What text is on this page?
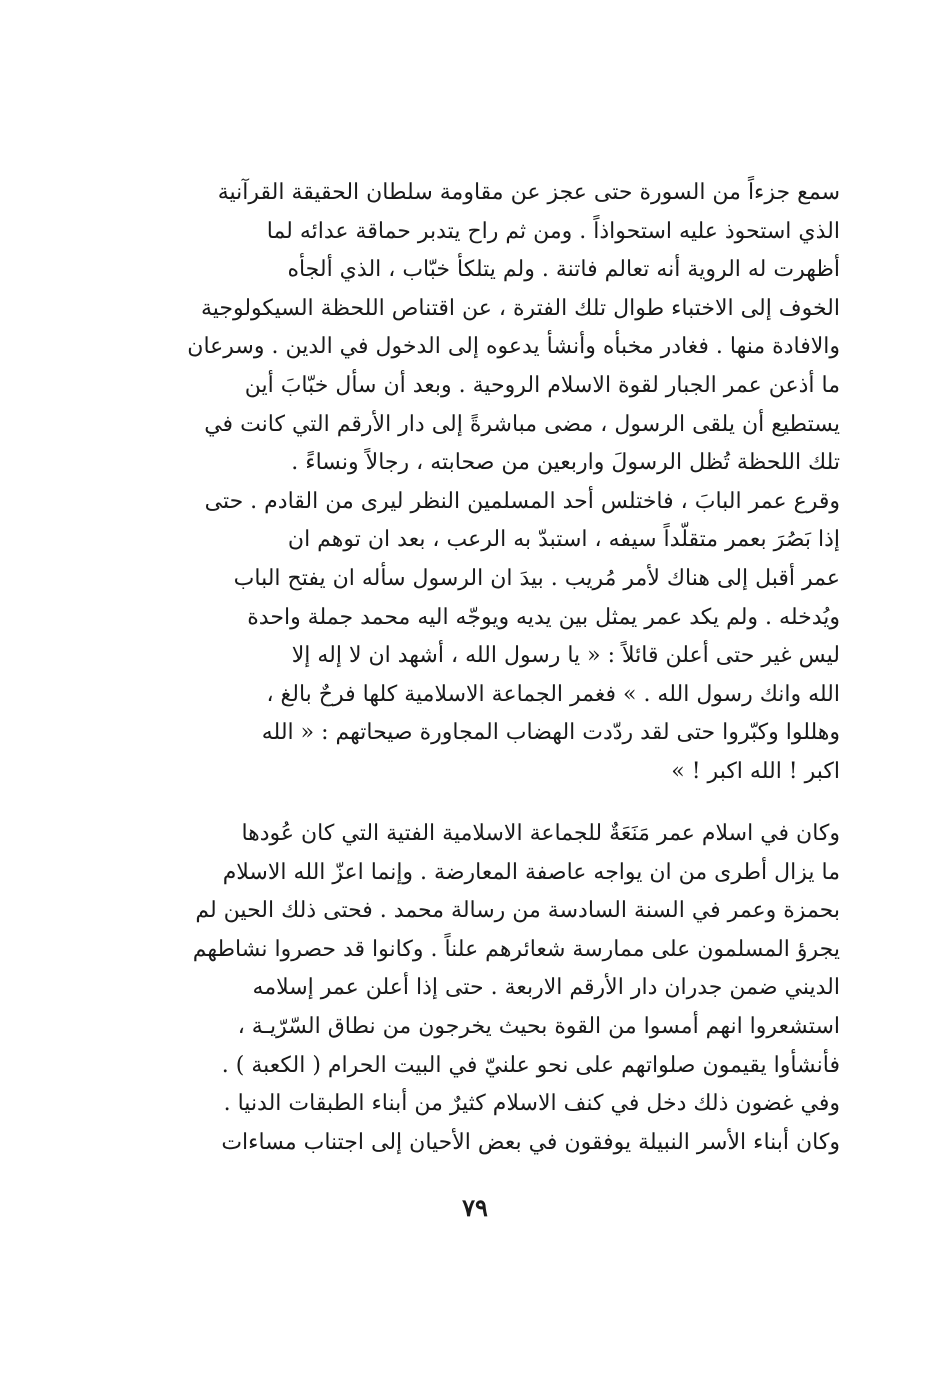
سمع جزءاً من السورة حتى عجز عن مقاومة سلطان الحقيقة القرآنية
الذي استحوذ عليه استحواذاً . ومن ثم راح يتدبر حماقة عدائه لما
أظهرت له الروية أنه تعالم فاتنة . ولم يتلكأ خبّاب ، الذي ألجأه
الخوف إلى الاختباء طوال تلك الفترة ، عن اقتناص اللحظة السيكولوجية
والافادة منها . فغادر مخبأه وأنشأ يدعوه إلى الدخول في الدين . وسرعان
ما أذعن عمر الجبار لقوة الاسلام الروحية . وبعد أن سأل خبّابَ أين
يستطيع أن يلقى الرسول ، مضى مباشرةً إلى دار الأرقم التي كانت في
تلك اللحظة تُظل الرسولَ واربعين من صحابته ، رجالاً ونساءً .
وقرع عمر البابَ ، فاختلس أحد المسلمين النظر ليرى من القادم . حتى
إذا بَصُرَ بعمر متقلّداً سيفه ، استبدّ به الرعب ، بعد ان توهم ان
عمر أقبل إلى هناك لأمر مُريب . بيدَ ان الرسول سأله ان يفتح الباب
ويُدخله . ولم يكد عمر يمثل بين يديه ويوجّه اليه محمد جملة واحدة
ليس غير حتى أعلن قائلاً : « يا رسول الله ، أشهد ان لا إله إلا
الله وانك رسول الله . » فغمر الجماعة الاسلامية كلها فرحٌ بالغ ،
وهللوا وكبّروا حتى لقد ردّدت الهضاب المجاورة صيحاتهم : « الله
اكبر ! الله اكبر ! »
وكان في اسلام عمر مَنَعَةٌ للجماعة الاسلامية الفتية التي كان عُودها
ما يزال أطرى من ان يواجه عاصفة المعارضة . وإنما اعزّ الله الاسلام
بحمزة وعمر في السنة السادسة من رسالة محمد . فحتى ذلك الحين لم
يجرؤ المسلمون على ممارسة شعائرهم علناً . وكانوا قد حصروا نشاطهم
الديني ضمن جدران دار الأرقم الاربعة . حتى إذا أعلن عمر إسلامه
استشعروا انهم أمسوا من القوة بحيث يخرجون من نطاق السّرّيـة ،
فأنشأوا يقيمون صلواتهم على نحو علنيّ في البيت الحرام ( الكعبة ) .
وفي غضون ذلك دخل في كنف الاسلام كثيرٌ من أبناء الطبقات الدنيا .
وكان أبناء الأسر النبيلة يوفقون في بعض الأحيان إلى اجتناب مساءات
٧٩
